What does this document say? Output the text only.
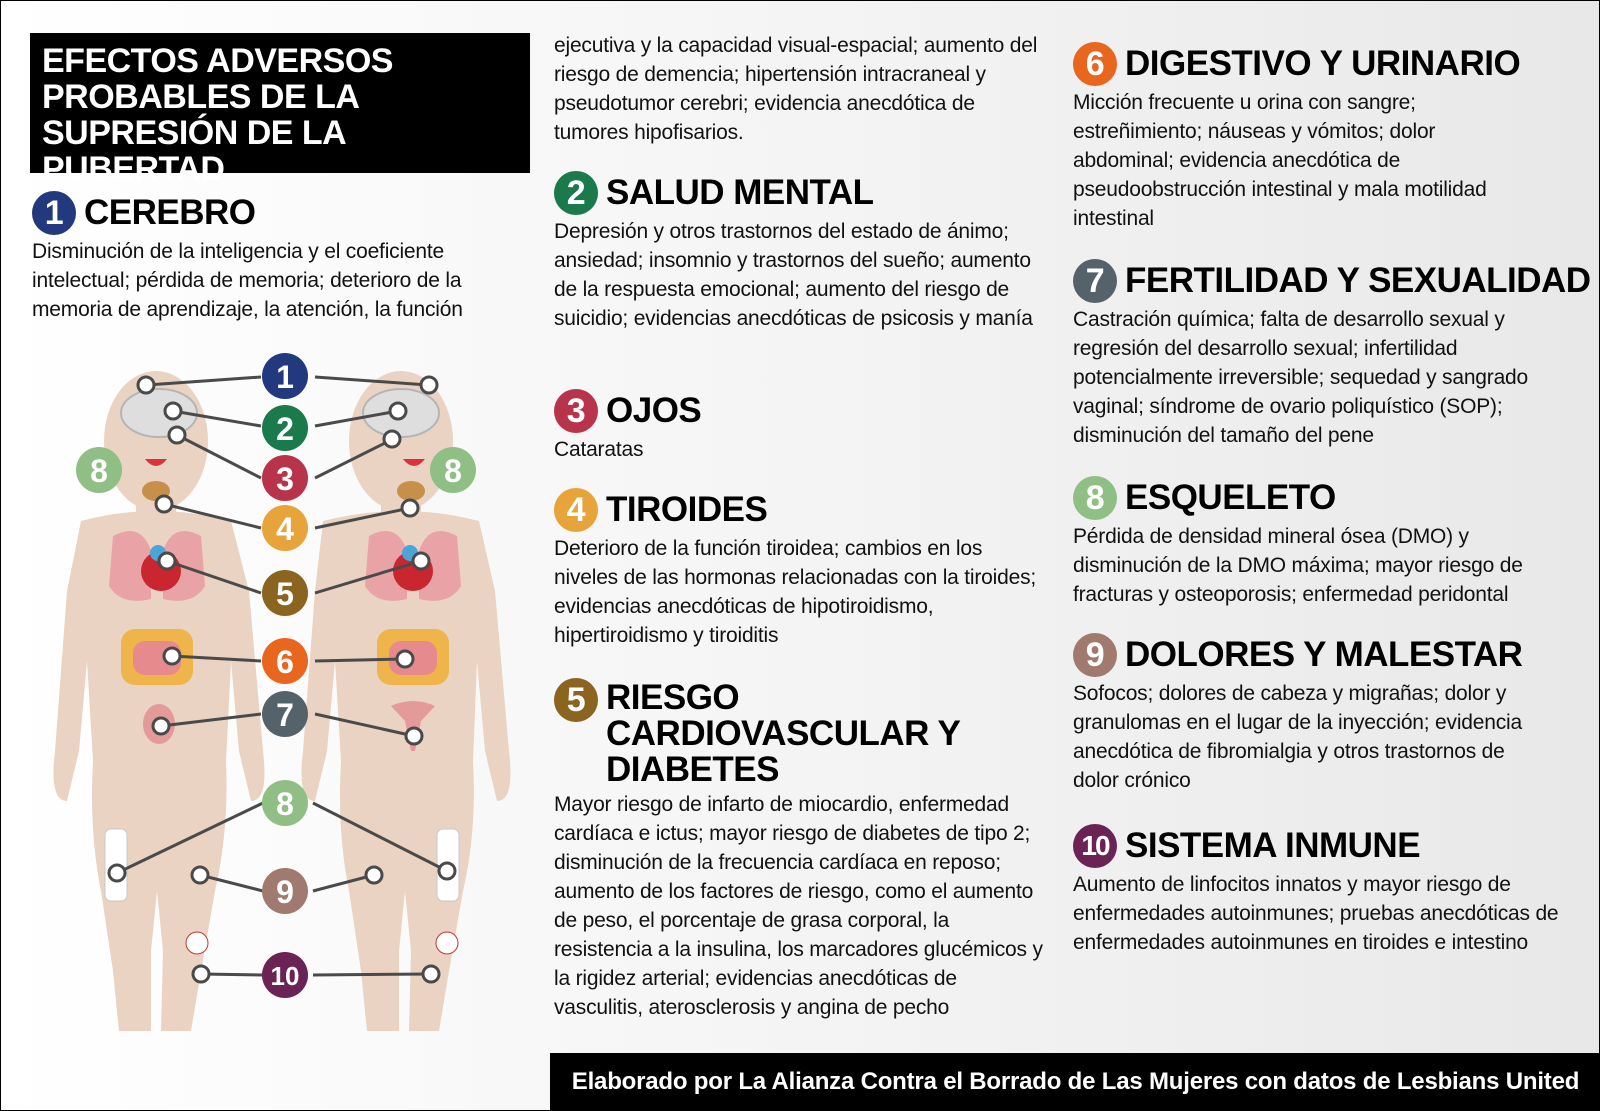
EFECTOS ADVERSOS
PROBABLES DE LA
SUPRESIÓN DE LA PUBERTAD
1 CEREBRO
Disminución de la inteligencia y el coeficiente intelectual; pérdida de memoria; deterioro de la memoria de aprendizaje, la atención, la función
ejecutiva y la capacidad visual-espacial; aumento del riesgo de demencia; hipertensión intracraneal y pseudotumor cerebri; evidencia anecdótica de tumores hipofisarios.
2 SALUD MENTAL
Depresión y otros trastornos del estado de ánimo; ansiedad; insomnio y trastornos del sueño; aumento de la respuesta emocional; aumento del riesgo de suicidio; evidencias anecdóticas de psicosis y manía
3 OJOS
Cataratas
4 TIROIDES
Deterioro de la función tiroidea; cambios en los niveles de las hormonas relacionadas con la tiroides; evidencias anecdóticas de hipotiroidismo, hipertiroidismo y tiroiditis
5 RIESGO CARDIOVASCULAR Y DIABETES
Mayor riesgo de infarto de miocardio, enfermedad cardíaca e ictus; mayor riesgo de diabetes de tipo 2; disminución de la frecuencia cardíaca en reposo; aumento de los factores de riesgo, como el aumento de peso, el porcentaje de grasa corporal, la resistencia a la insulina, los marcadores glucémicos y la rigidez arterial; evidencias anecdóticas de vasculitis, aterosclerosis y angina de pecho
6 DIGESTIVO Y URINARIO
Micción frecuente u orina con sangre; estreñimiento; náuseas y vómitos; dolor abdominal; evidencia anecdótica de pseudoobstrucción intestinal y mala motilidad intestinal
7 FERTILIDAD Y SEXUALIDAD
Castración química; falta de desarrollo sexual y regresión del desarrollo sexual; infertilidad potencialmente irreversible; sequedad y sangrado vaginal; síndrome de ovario poliquístico (SOP); disminución del tamaño del pene
8 ESQUELETO
Pérdida de densidad mineral ósea (DMO) y disminución de la DMO máxima; mayor riesgo de fracturas y osteoporosis; enfermedad peridontal
9 DOLORES Y MALESTAR
Sofocos; dolores de cabeza y migrañas; dolor y granulomas en el lugar de la inyección; evidencia anecdótica de fibromialgia y otros trastornos de dolor crónico
10 SISTEMA INMUNE
Aumento de linfocitos innatos y mayor riesgo de enfermedades autoinmunes; pruebas anecdóticas de enfermedades autoinmunes en tiroides e intestino
1
2
3
4
5
6
7
8
9
10
8	8
Elaborado por La Alianza Contra el Borrado de Las Mujeres con datos de Lesbians United
